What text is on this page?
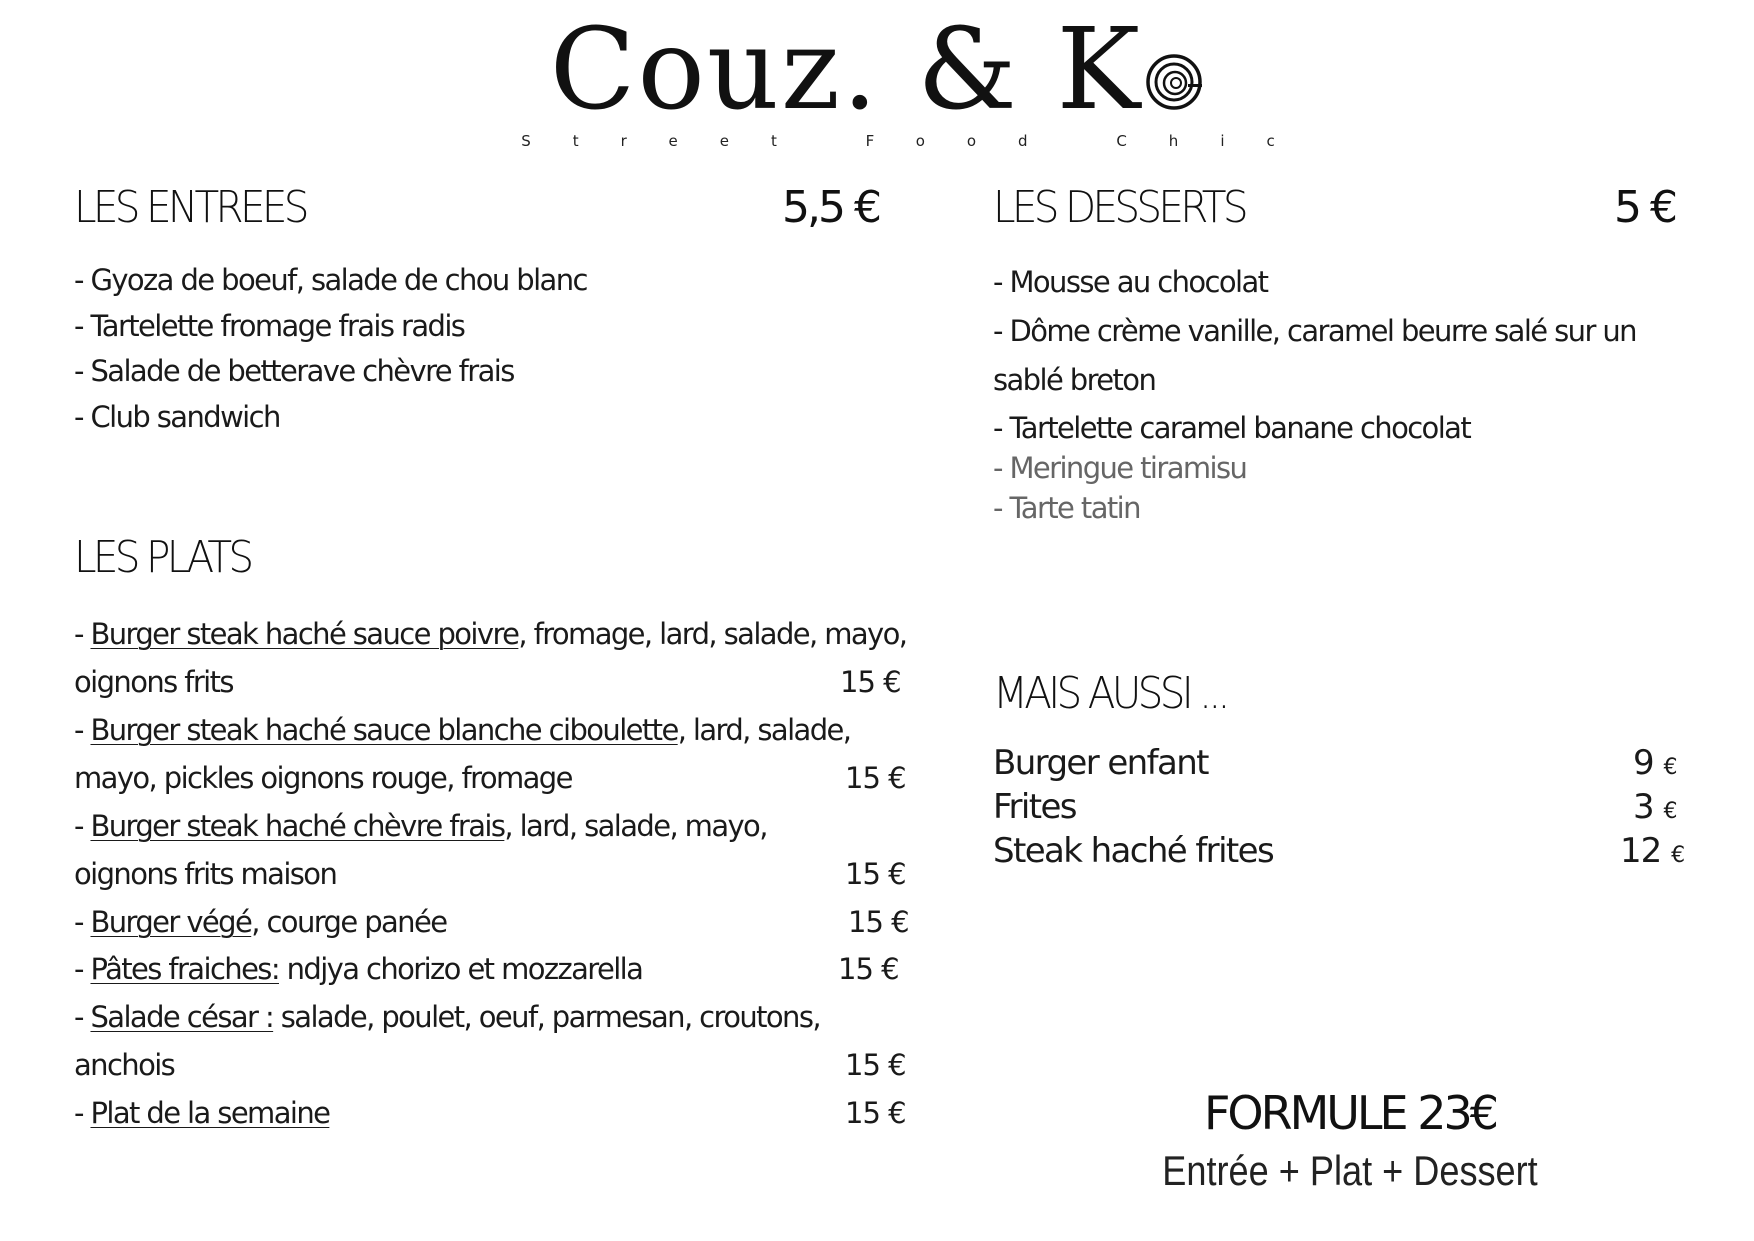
Couz . & K
Street Food Chic
LES ENTREES	5,5 €
- Gyoza de boeuf, salade de chou blanc
- Tartelette fromage frais radis
- Salade de betterave chèvre frais
- Club sandwich
LES DESSERTS	5 €
- Mousse au chocolat
- Dôme crème vanille, caramel beurre salé sur un
sablé breton
- Tartelette caramel banane chocolat
- Meringue tiramisu
- Tarte tatin
LES PLATS
- Burger steak haché sauce poivre, fromage, lard, salade, mayo,
oignons frits	15 €
- Burger steak haché sauce blanche ciboulette, lard, salade,
mayo, pickles oignons rouge, fromage	15 €
- Burger steak haché chèvre frais, lard, salade, mayo,
oignons frits maison	15 €
- Burger végé, courge panée	15 €
- Pâtes fraiches: ndjya chorizo et mozzarella	15 €
- Salade césar : salade, poulet, oeuf, parmesan, croutons,
anchois	15 €
- Plat de la semaine	15 €
MAIS AUSSI ...
Burger enfant	9 €
Frites	3 €
Steak haché frites	12 €
FORMULE 23€
Entrée + Plat + Dessert
